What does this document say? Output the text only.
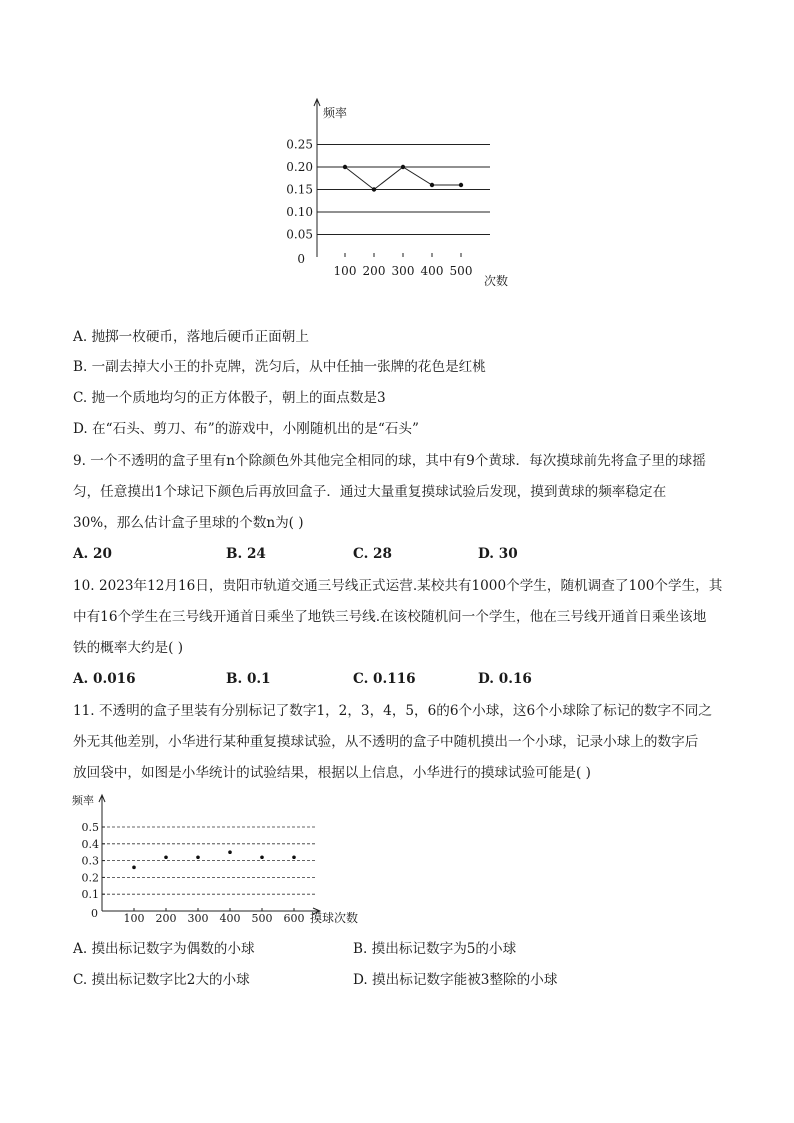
0.25
0.20
0.15
0.10
0.05
频率
0
次数
100 200 300 400 500
A. 抛掷一枚硬币，落地后硬币正面朝上
B. 一副去掉大小王的扑克牌，洗匀后，从中任抽一张牌的花色是红桃
C. 抛一个质地均匀的正方体骰子，朝上的面点数是3
D. 在“石头、剪刀、布”的游戏中，小刚随机出的是“石头”
9. 一个不透明的盒子里有n个除颜色外其他完全相同的球，其中有9个黄球．每次摸球前先将盒子里的球摇
匀，任意摸出1个球记下颜色后再放回盒子．通过大量重复摸球试验后发现，摸到黄球的频率稳定在
30%，那么估计盒子里球的个数n为( )
A. 20	B. 24	C. 28	D. 30
10. 2023年12月16日，贵阳市轨道交通三号线正式运营.某校共有1000个学生，随机调查了100个学生，其
中有16个学生在三号线开通首日乘坐了地铁三号线.在该校随机问一个学生，他在三号线开通首日乘坐该地
铁的概率大约是( )
A. 0.016	B. 0.1	C. 0.116	D. 0.16
11. 不透明的盒子里装有分别标记了数字1，2，3，4，5，6的6个小球，这6个小球除了标记的数字不同之
外无其他差别，小华进行某种重复摸球试验，从不透明的盒子中随机摸出一个小球，记录小球上的数字后
放回袋中，如图是小华统计的试验结果，根据以上信息，小华进行的摸球试验可能是( )
0.5
0.4
0.3
0.2
0.1
频率
0	摸球次数
100 200 300 400 500 600
A. 摸出标记数字为偶数的小球	B. 摸出标记数字为5的小球
C. 摸出标记数字比2大的小球	D. 摸出标记数字能被3整除的小球
